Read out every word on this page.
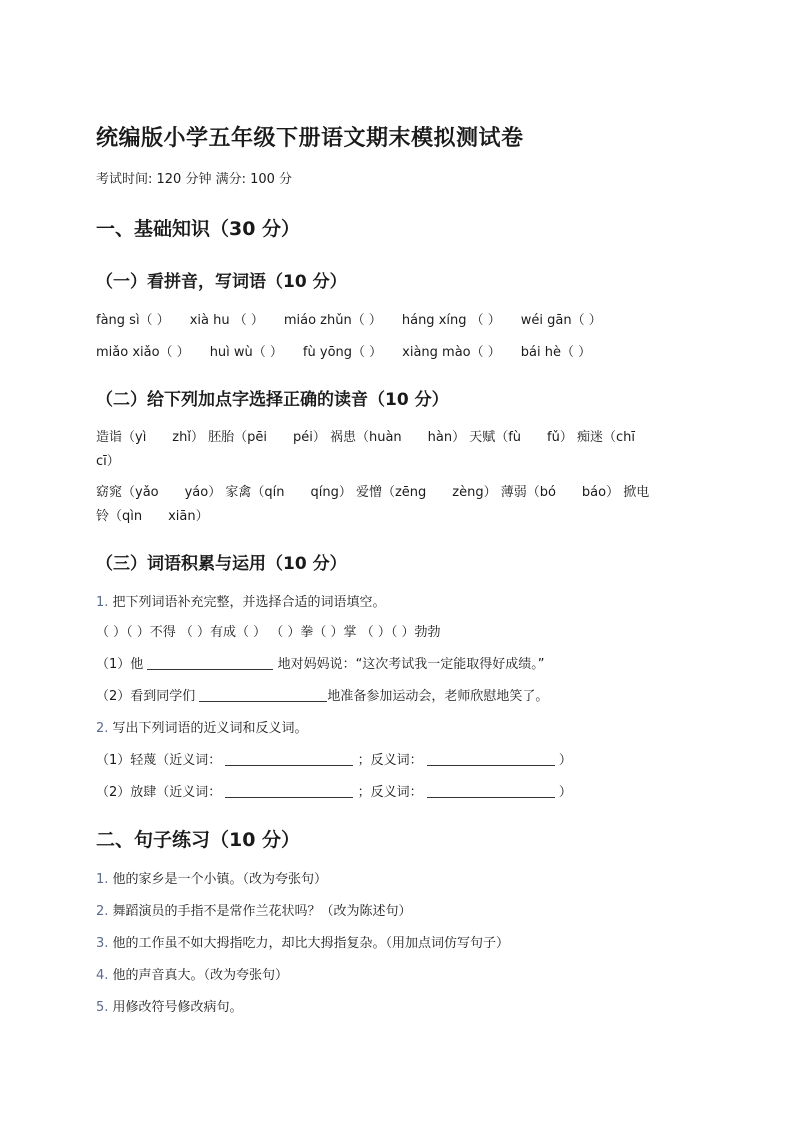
统编版小学五年级下册语文期末模拟测试卷
考试时间: 120 分钟 满分: 100 分
一、基础知识（30 分）
（一）看拼音，写词语（10 分）
fàng sì（ ） xià hu （ ） miáo zhǔn（ ） háng xíng （ ） wéi gān（ ）
miǎo xiǎo（ ） huì wù（ ） fù yōng（ ） xiàng mào（ ） bái hè（ ）
（二）给下列加点字选择正确的读音（10 分）
造诣（yì　　zhǐ） 胚胎（pēi　　péi） 祸患（huàn　　hàn） 天赋（fù　　fǔ） 痴迷（chī
cī）
窈窕（yǎo　　yáo） 家禽（qín　　qíng） 爱憎（zēng　　zèng） 薄弱（bó　　báo） 掀电
铃（qìn　　xiān）
（三）词语积累与运用（10 分）
1. 把下列词语补充完整，并选择合适的词语填空。
（ ）（ ）不得 （ ）有成（ ） （ ）拳（ ）掌 （ ）（ ）勃勃
（1）他	地对妈妈说：“这次考试我一定能取得好成绩。”
（2）看到同学们	地准备参加运动会，老师欣慰地笑了。
2. 写出下列词语的近义词和反义词。
（1）轻蔑（近义词：	；反义词：	）
（2）放肆（近义词：	；反义词：	）
二、句子练习（10 分）
1. 他的家乡是一个小镇。（改为夸张句）
2. 舞蹈演员的手指不是常作兰花状吗？（改为陈述句）
3. 他的工作虽不如大拇指吃力，却比大拇指复杂。（用加点词仿写句子）
4. 他的声音真大。（改为夸张句）
5. 用修改符号修改病句。
